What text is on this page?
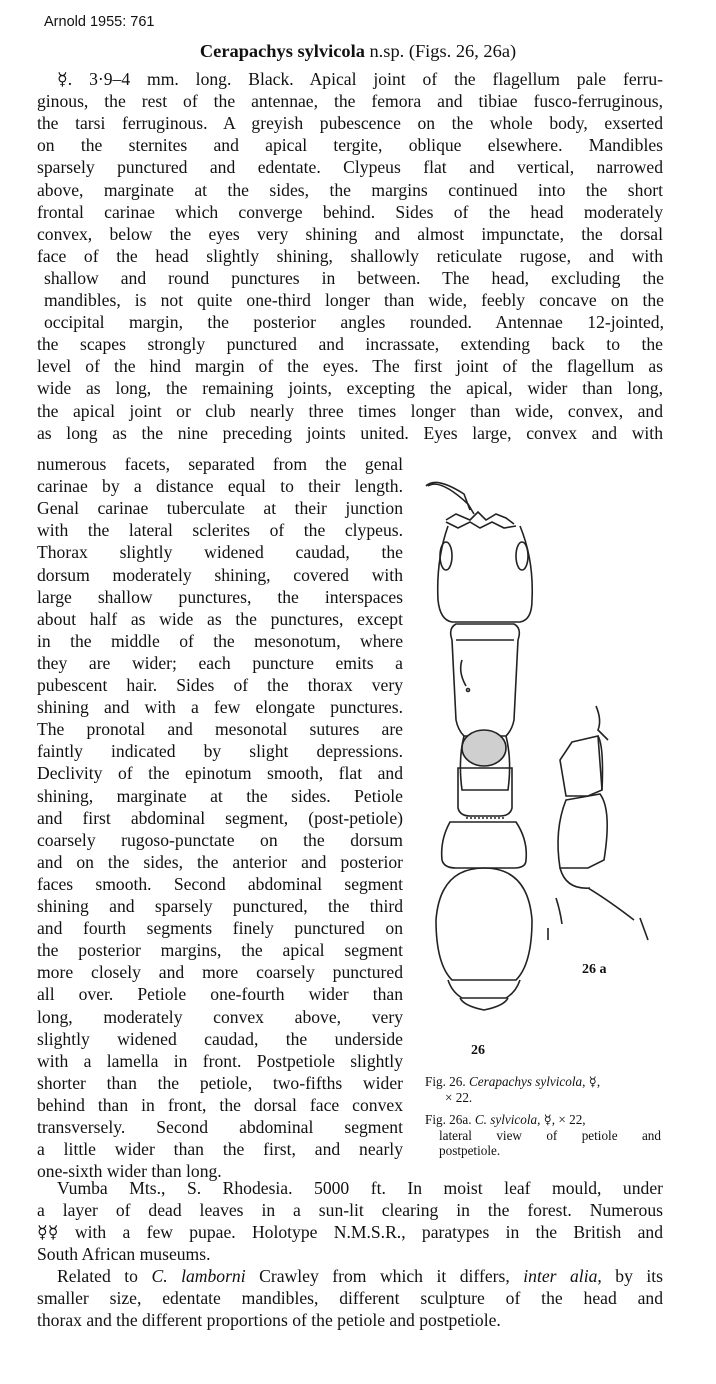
Arnold 1955: 761
Cerapachys sylvicola n.sp. (Figs. 26, 26a)
☿. 3·9–4 mm. long. Black. Apical joint of the flagellum pale ferru-
ginous, the rest of the antennae, the femora and tibiae fusco-ferruginous,
the tarsi ferruginous. A greyish pubescence on the whole body, exserted
on the sternites and apical tergite, oblique elsewhere. Mandibles
sparsely punctured and edentate. Clypeus flat and vertical, narrowed
above, marginate at the sides, the margins continued into the short
frontal carinae which converge behind. Sides of the head moderately
convex, below the eyes very shining and almost impunctate, the dorsal
face of the head slightly shining, shallowly reticulate rugose, and with
shallow and round punctures in between. The head, excluding the
mandibles, is not quite one-third longer than wide, feebly concave on the
occipital margin, the posterior angles rounded. Antennae 12-jointed,
the scapes strongly punctured and incrassate, extending back to the
level of the hind margin of the eyes. The first joint of the flagellum as
wide as long, the remaining joints, excepting the apical, wider than long,
the apical joint or club nearly three times longer than wide, convex, and
as long as the nine preceding joints united. Eyes large, convex and with
numerous facets, separated from the genal
carinae by a distance equal to their length.
Genal carinae tuberculate at their junction
with the lateral sclerites of the clypeus.
Thorax slightly widened caudad, the
dorsum moderately shining, covered with
large shallow punctures, the interspaces
about half as wide as the punctures, except
in the middle of the mesonotum, where
they are wider; each puncture emits a
pubescent hair. Sides of the thorax very
shining and with a few elongate punctures.
The pronotal and mesonotal sutures are
faintly indicated by slight depressions.
Declivity of the epinotum smooth, flat and
shining, marginate at the sides. Petiole
and first abdominal segment, (post-petiole)
coarsely rugoso-punctate on the dorsum
and on the sides, the anterior and posterior
faces smooth. Second abdominal segment
shining and sparsely punctured, the third
and fourth segments finely punctured on
the posterior margins, the apical segment
more closely and more coarsely punctured
all over. Petiole one-fourth wider than
long, moderately convex above, very
slightly widened caudad, the underside
with a lamella in front. Postpetiole slightly
shorter than the petiole, two-fifths wider
behind than in front, the dorsal face convex
transversely. Second abdominal segment
a little wider than the first, and nearly
one-sixth wider than long.
Vumba Mts., S. Rhodesia. 5000 ft. In moist leaf mould, under
a layer of dead leaves in a sun-lit clearing in the forest. Numerous
☿☿ with a few pupae. Holotype N.M.S.R., paratypes in the British and
South African museums.
Related to C. lamborni Crawley from which it differs, inter alia, by its
smaller size, edentate mandibles, different sculpture of the head and
thorax and the different proportions of the petiole and postpetiole.
26
26 a
Fig. 26. Cerapachys sylvicola, ☿,
× 22.
Fig. 26a. C. sylvicola, ☿, × 22,
lateral view of petiole and
postpetiole.
